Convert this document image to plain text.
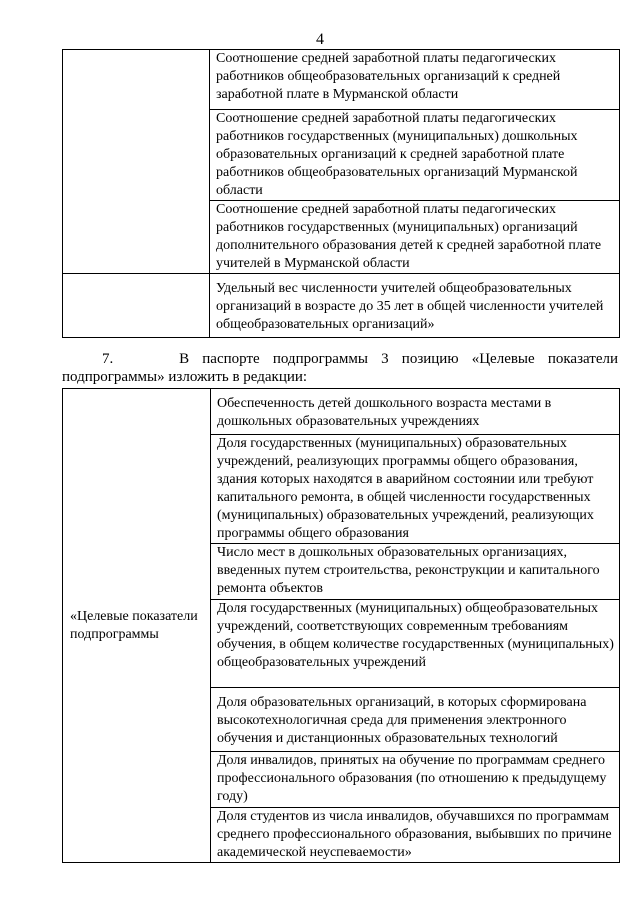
4

	Соотношение средней заработной платы педагогических работников общеобразовательных организаций к средней заработной плате в Мурманской области

	Соотношение средней заработной платы педагогических работников государственных (муниципальных) дошкольных образовательных организаций к средней заработной плате работников общеобразовательных организаций Мурманской области

	Соотношение средней заработной платы педагогических работников государственных (муниципальных) организаций дополнительного образования детей к средней заработной плате учителей в Мурманской области

	Удельный вес численности учителей общеобразовательных организаций в возрасте до 35 лет в общей численности учителей общеобразовательных организаций»
7.	В паспорте подпрограммы 3 позицию «Целевые показатели подпрограммы» изложить в редакции:
«Целевые показатели подпрограммы

Обеспеченность детей дошкольного возраста местами в дошкольных образовательных учреждениях

Доля государственных (муниципальных) образовательных учреждений, реализующих программы общего образования, здания которых находятся в аварийном состоянии или требуют капитального ремонта, в общей численности государственных (муниципальных) образовательных учреждений, реализующих программы общего образования

Число мест в дошкольных образовательных организациях, введенных путем строительства, реконструкции и капитального ремонта объектов

Доля государственных (муниципальных) общеобразовательных учреждений, соответствующих современным требованиям обучения, в общем количестве государственных (муниципальных) общеобразовательных учреждений

Доля образовательных организаций, в которых сформирована высокотехнологичная среда для применения электронного обучения и дистанционных образовательных технологий

Доля инвалидов, принятых на обучение по программам среднего профессионального образования (по отношению к предыдущему году)

Доля студентов из числа инвалидов, обучавшихся по программам среднего профессионального образования, выбывших по причине академической неуспеваемости»
